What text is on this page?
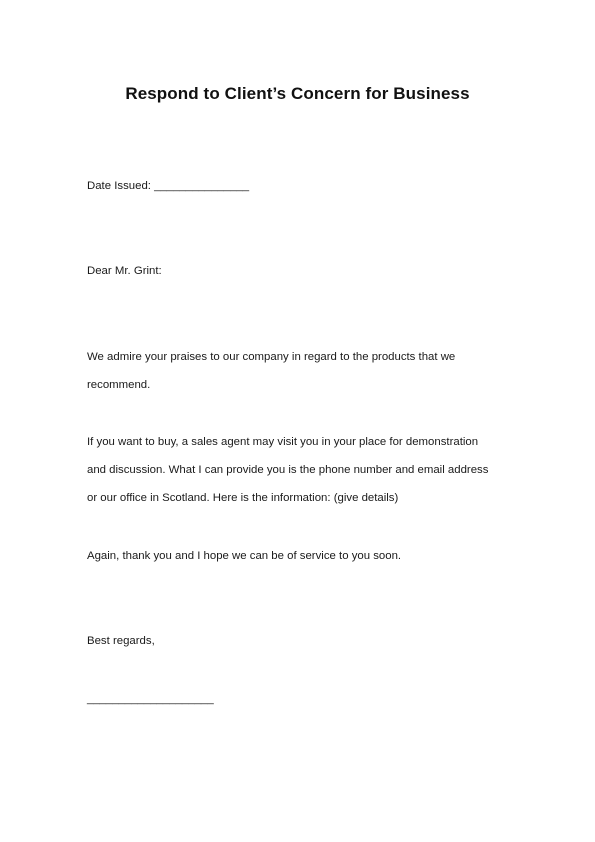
Respond to Client’s Concern for Business
Date Issued: _______________
Dear Mr. Grint:
We admire your praises to our company in regard to the products that we
recommend.
If you want to buy, a sales agent may visit you in your place for demonstration
and discussion. What I can provide you is the phone number and email address
or our office in Scotland. Here is the information: (give details)
Again, thank you and I hope we can be of service to you soon.
Best regards,
____________________
